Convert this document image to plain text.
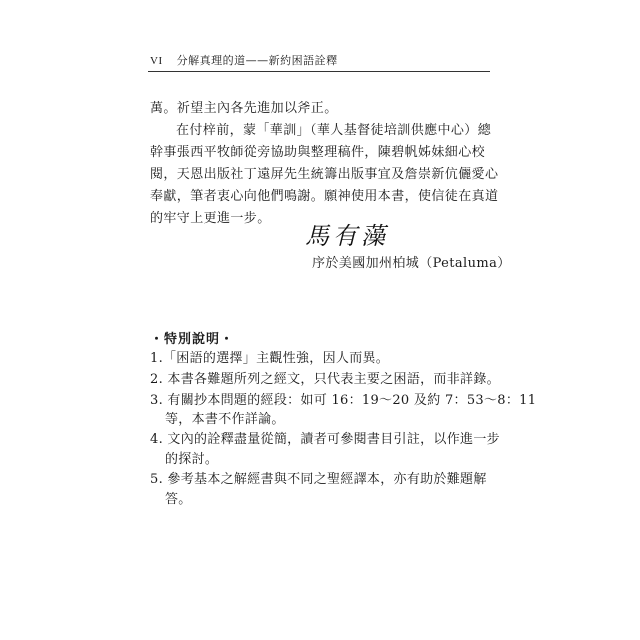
VI 分解真理的道——新約困語詮釋
萬。祈望主內各先進加以斧正。
在付梓前，蒙「華訓」（華人基督徒培訓供應中心）總
幹事張西平牧師從旁協助與整理稿件，陳碧帆姊妹細心校
閱，天恩出版社丁遠屏先生統籌出版事宜及詹崇新伉儷愛心
奉獻，筆者衷心向他們鳴謝。願神使用本書，使信徒在真道
的牢守上更進一步。
馬有藻
序於美國加州柏城（Petaluma）
・特別說明・
1.「困語的選擇」主觀性強，因人而異。
2. 本書各難題所列之經文，只代表主要之困語，而非詳錄。
3. 有關抄本問題的經段：如可 16：19～20 及約 7：53～8：11
等，本書不作詳論。
4. 文內的詮釋盡量從簡，讀者可參閱書目引註，以作進一步
的探討。
5. 參考基本之解經書與不同之聖經譯本，亦有助於難題解
答。
